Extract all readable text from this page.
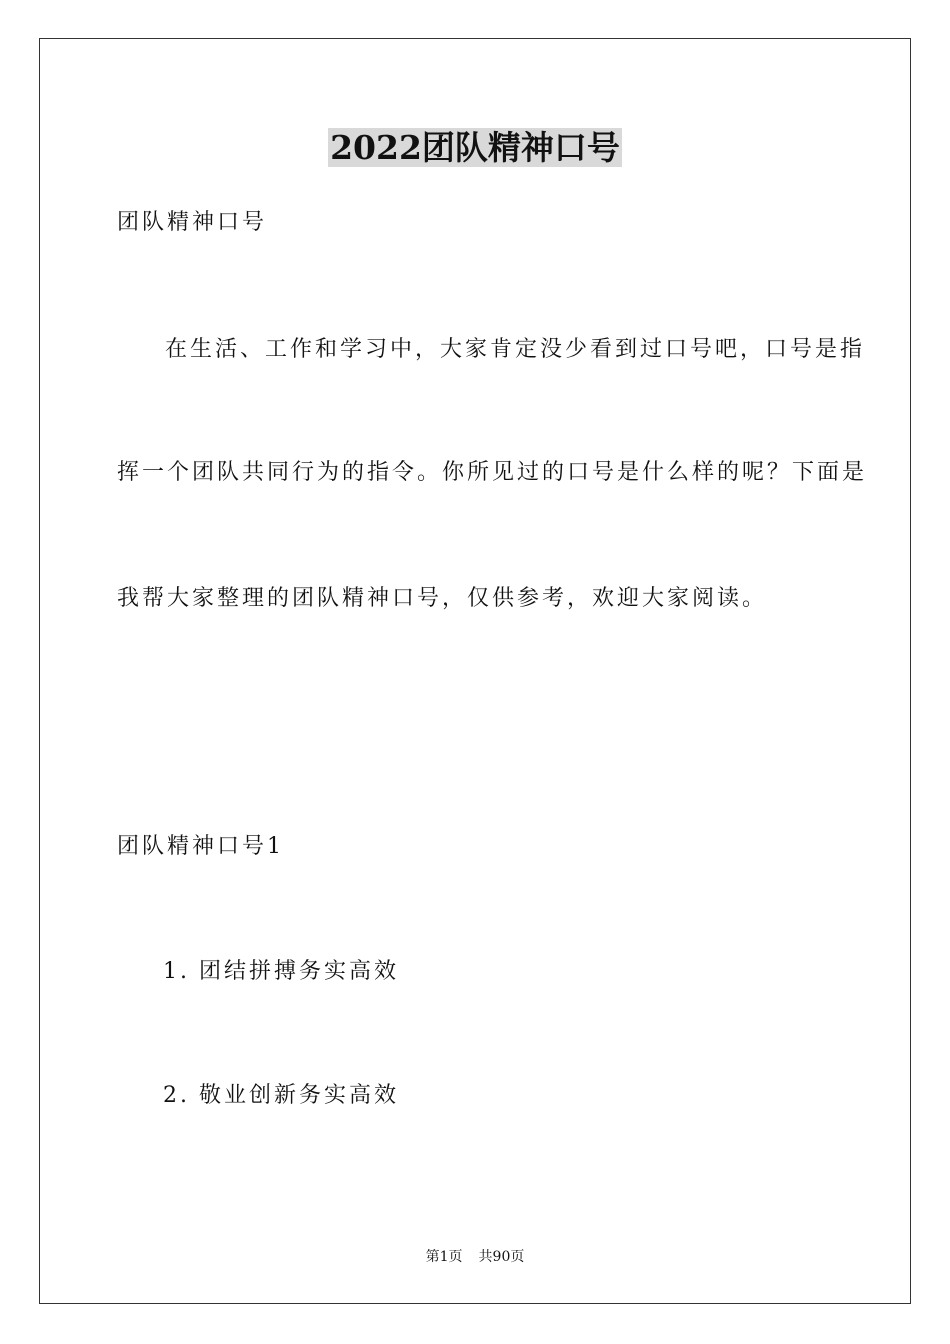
2022团队精神口号

团队精神口号

在生活、工作和学习中，大家肯定没少看到过口号吧，口号是指

挥一个团队共同行为的指令。你所见过的口号是什么样的呢？下面是

我帮大家整理的团队精神口号，仅供参考，欢迎大家阅读。

团队精神口号1

1. 团结拼搏务实高效

2. 敬业创新务实高效

第1页 共90页
